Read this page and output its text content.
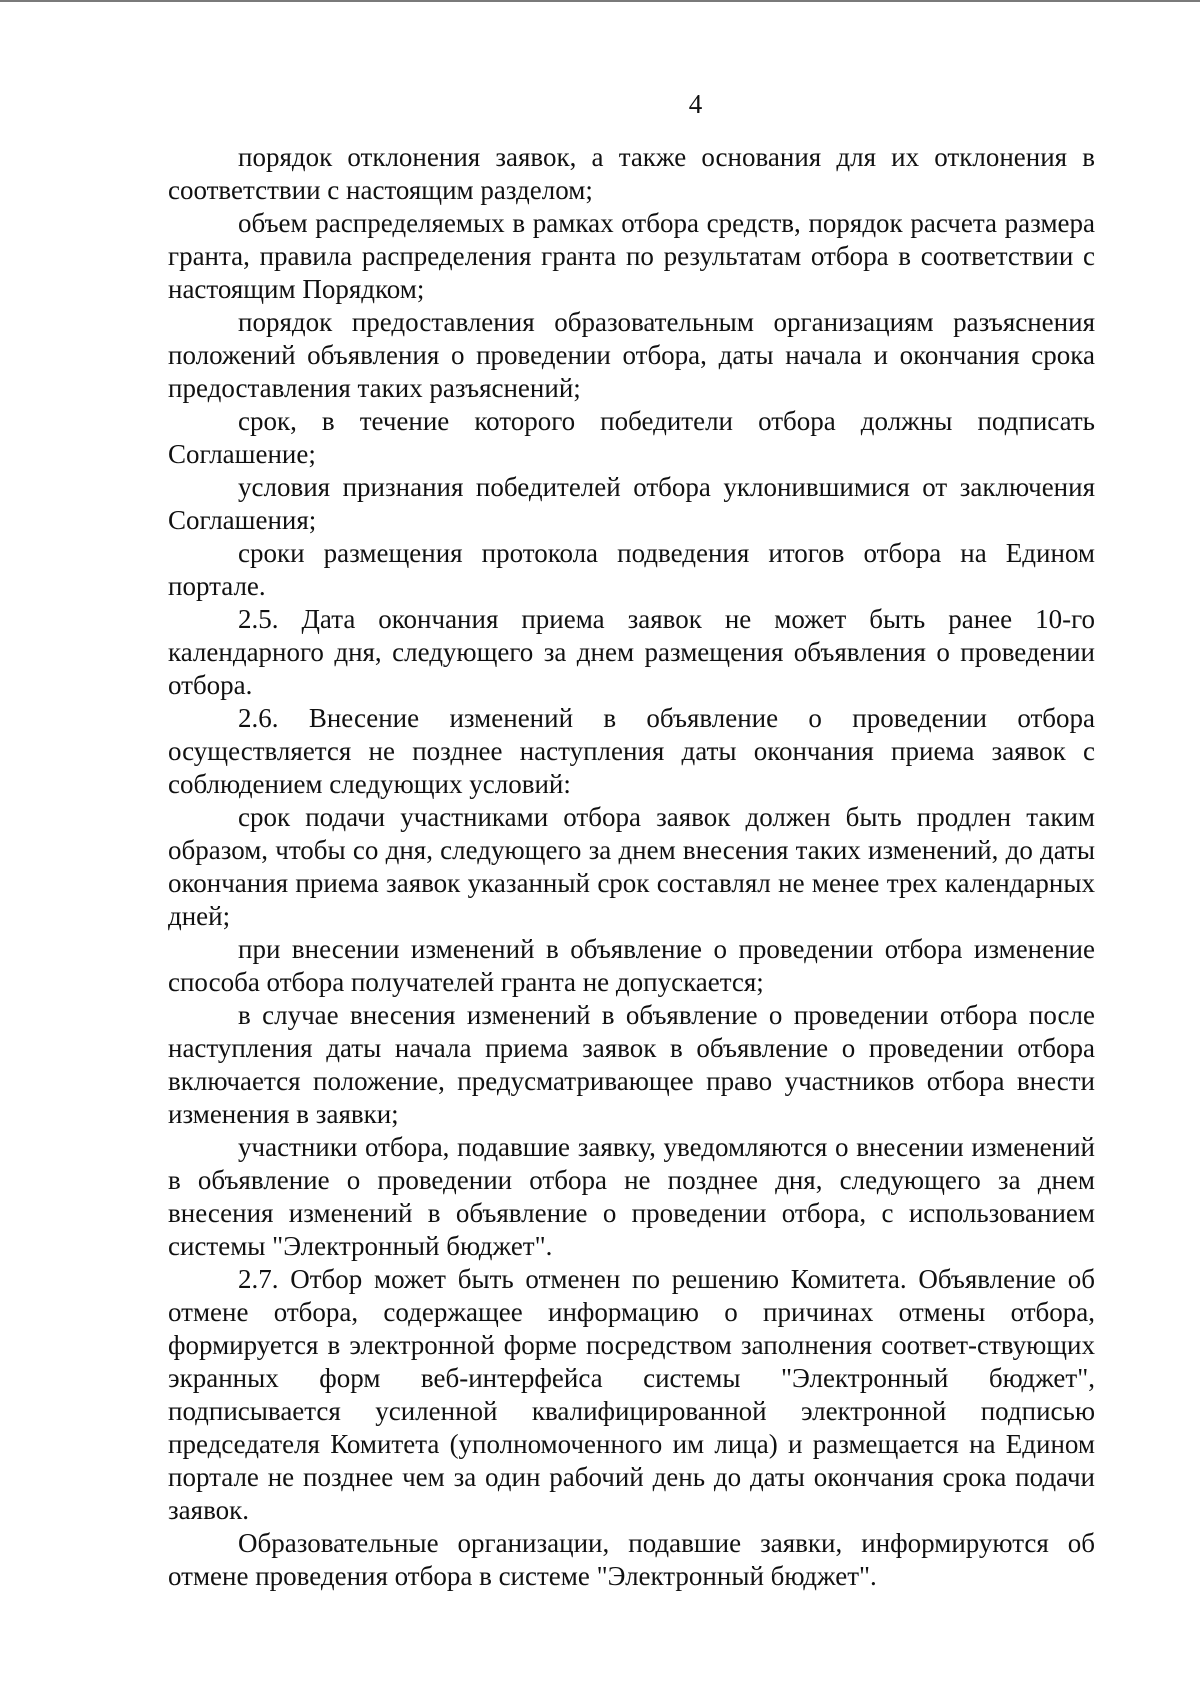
4

порядок отклонения заявок, а также основания для их отклонения в соответствии с настоящим разделом;

объем распределяемых в рамках отбора средств, порядок расчета размера гранта, правила распределения гранта по результатам отбора в соответствии с настоящим Порядком;

порядок предоставления образовательным организациям разъяснения положений объявления о проведении отбора, даты начала и окончания срока предоставления таких разъяснений;

срок, в течение которого победители отбора должны подписать Соглашение;

условия признания победителей отбора уклонившимися от заключения Соглашения;

сроки размещения протокола подведения итогов отбора на Едином портале.

2.5. Дата окончания приема заявок не может быть ранее 10-го календарного дня, следующего за днем размещения объявления о проведении отбора.

2.6. Внесение изменений в объявление о проведении отбора осуществляется не позднее наступления даты окончания приема заявок с соблюдением следующих условий:

срок подачи участниками отбора заявок должен быть продлен таким образом, чтобы со дня, следующего за днем внесения таких изменений, до даты окончания приема заявок указанный срок составлял не менее трех календарных дней;

при внесении изменений в объявление о проведении отбора изменение способа отбора получателей гранта не допускается;

в случае внесения изменений в объявление о проведении отбора после наступления даты начала приема заявок в объявление о проведении отбора включается положение, предусматривающее право участников отбора внести изменения в заявки;

участники отбора, подавшие заявку, уведомляются о внесении изменений в объявление о проведении отбора не позднее дня, следующего за днем внесения изменений в объявление о проведении отбора, с использованием системы "Электронный бюджет".

2.7. Отбор может быть отменен по решению Комитета. Объявление об отмене отбора, содержащее информацию о причинах отмены отбора, формируется в электронной форме посредством заполнения соответ-ствующих экранных форм веб-интерфейса системы "Электронный бюджет", подписывается усиленной квалифицированной электронной подписью председателя Комитета (уполномоченного им лица) и размещается на Едином портале не позднее чем за один рабочий день до даты окончания срока подачи заявок.

Образовательные организации, подавшие заявки, информируются об отмене проведения отбора в системе "Электронный бюджет".
